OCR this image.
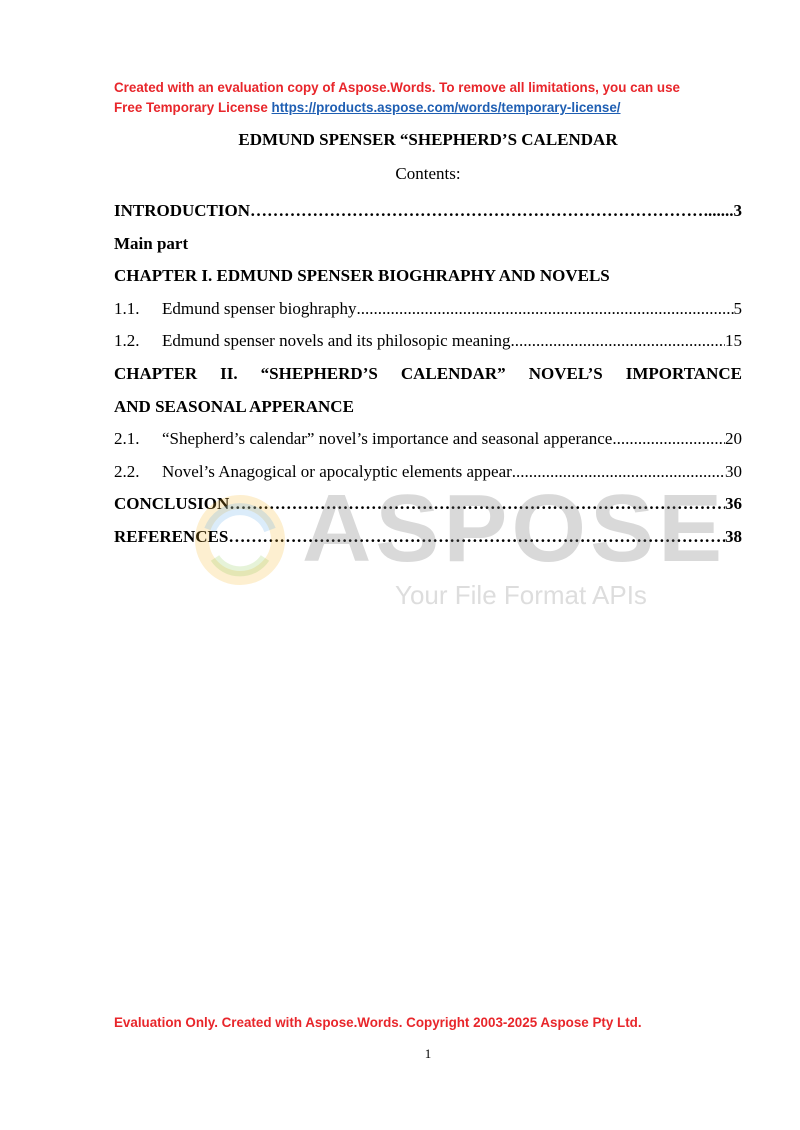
Created with an evaluation copy of Aspose.Words. To remove all limitations, you can use
Free Temporary License https://products.aspose.com/words/temporary-license/
EDMUND SPENSER “SHEPHERD’S CALENDAR
Contents:
INTRODUCTION …………………………………………………………………………………………………………………………………………………………………	.......3
Main part
CHAPTER I. EDMUND SPENSER BIOGHRAPHY AND NOVELS
1.1.	Edmund spenser bioghraphy .....	5
1.2.	Edmund spenser novels and its philosopic meaning .....	15
CHAPTER II. “SHEPHERD’S CALENDAR” NOVEL’S IMPORTANCE
AND SEASONAL APPERANCE
2.1.	“Shepherd’s calendar” novel’s importance and seasonal apperance .....	20
2.2.	Novel’s Anagogical or apocalyptic elements appear .....	30
CONCLUSION …………………………………………………………………………………………………………………………………………………………………	36
REFERENCES …………………………………………………………………………………………………………………………………………………………………	38
ASPOSE
Your File Format APIs
Evaluation Only. Created with Aspose.Words. Copyright 2003-2025 Aspose Pty Ltd.
1
